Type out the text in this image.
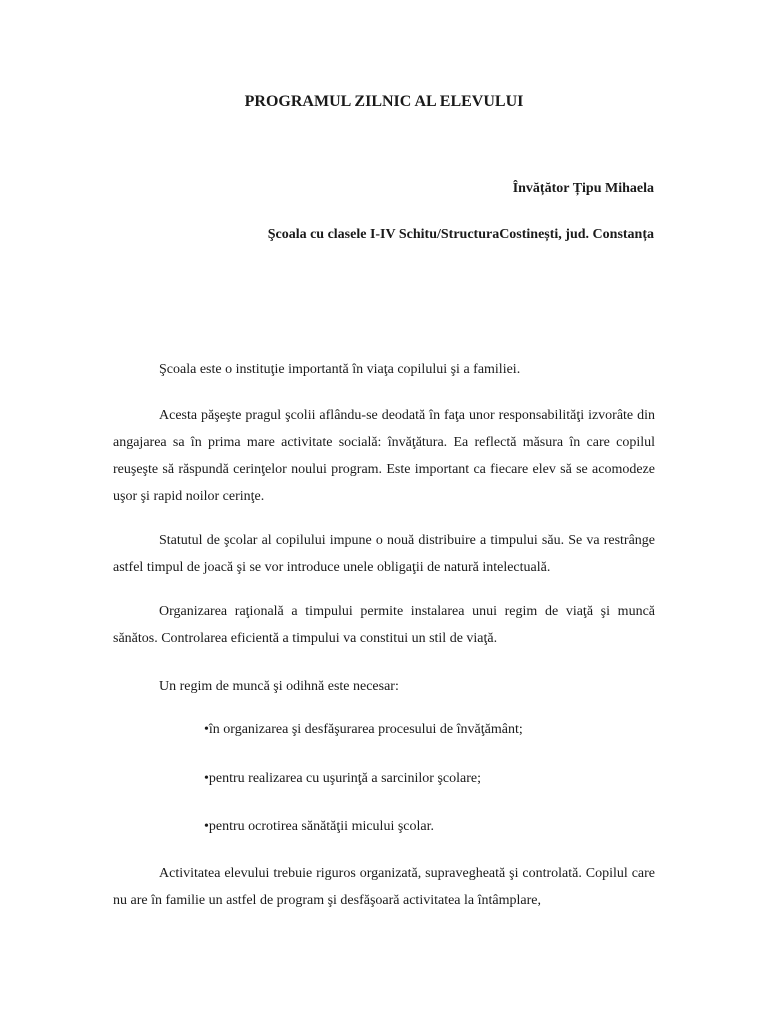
PROGRAMUL ZILNIC AL ELEVULUI

Învățător Țipu Mihaela

Şcoala cu clasele I-IV Schitu/StructuraCostinești, jud. Constanța

Şcoala este o instituţie importantă în viaţa copilului şi a familiei.

Acesta păşeşte pragul şcolii aflându-se deodată în faţa unor responsabilităţi izvorâte din angajarea sa în prima mare activitate socială: învăţătura. Ea reflectă măsura în care copilul reuşeşte să răspundă cerinţelor noului program. Este important ca fiecare elev să se acomodeze uşor şi rapid noilor cerinţe.

Statutul de şcolar al copilului impune o nouă distribuire a timpului său. Se va restrânge astfel timpul de joacă şi se vor introduce unele obligaţii de natură intelectuală.

Organizarea raţională a timpului permite instalarea unui regim de viaţă şi muncă sănătos. Controlarea eficientă a timpului va constitui un stil de viaţă.

Un regim de muncă şi odihnă este necesar:

•în organizarea şi desfăşurarea procesului de învăţământ;

•pentru realizarea cu uşurinţă a sarcinilor şcolare;

•pentru ocrotirea sănătăţii micului şcolar.

Activitatea elevului trebuie riguros organizată, supravegheată şi controlată. Copilul care nu are în familie un astfel de program şi desfăşoară activitatea la întâmplare,
